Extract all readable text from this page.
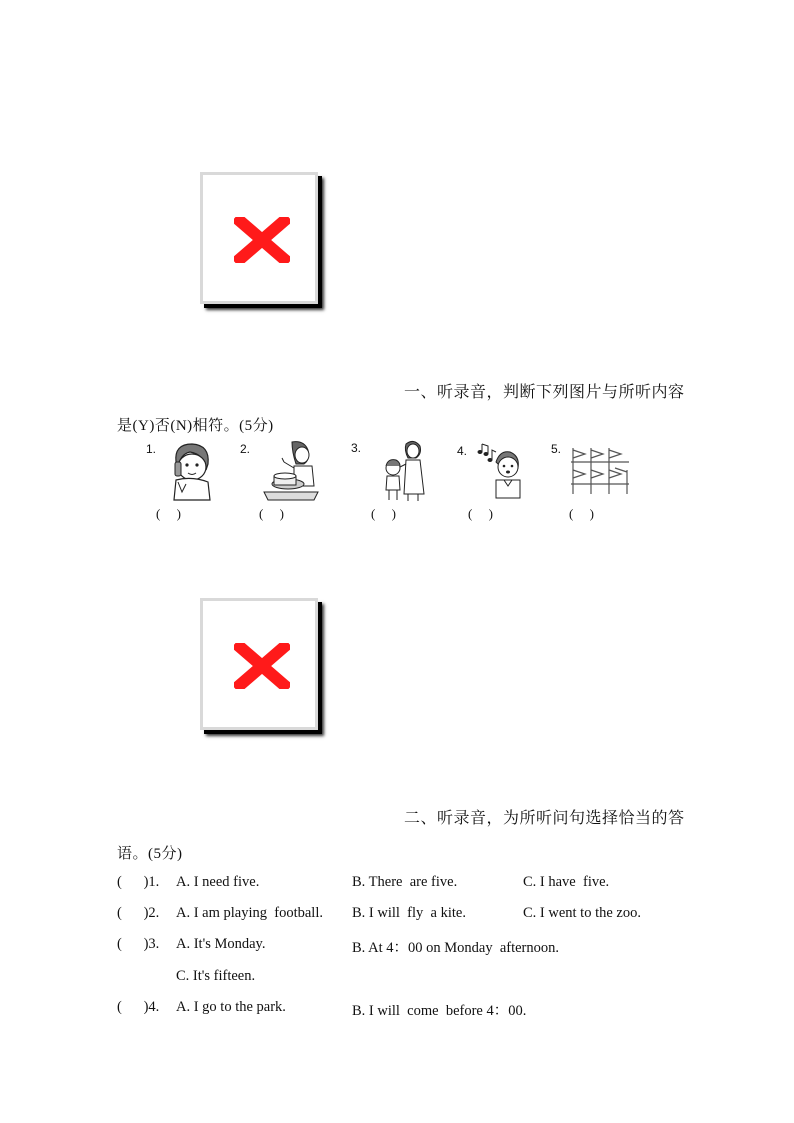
一、听录音，判断下列图片与所听内容
是(Y)否(N)相符。(5分)
1.
(     )
2.
(     )
3.
(     )
4.
(     )
5.
(     )
二、听录音，为所听问句选择恰当的答
语。(5分)
(      )1. A. I need five.	B. There  are five.	C. I have  five.
(      )2. A. I am playing  football. B. I will  fly  a kite.	C. I went to the zoo.
(      )3. A. It's Monday.	B. At 4：00 on Monday  afternoon.
C. It's fifteen.
(      )4. A. I go to the park.	B. I will  come  before 4：00.
